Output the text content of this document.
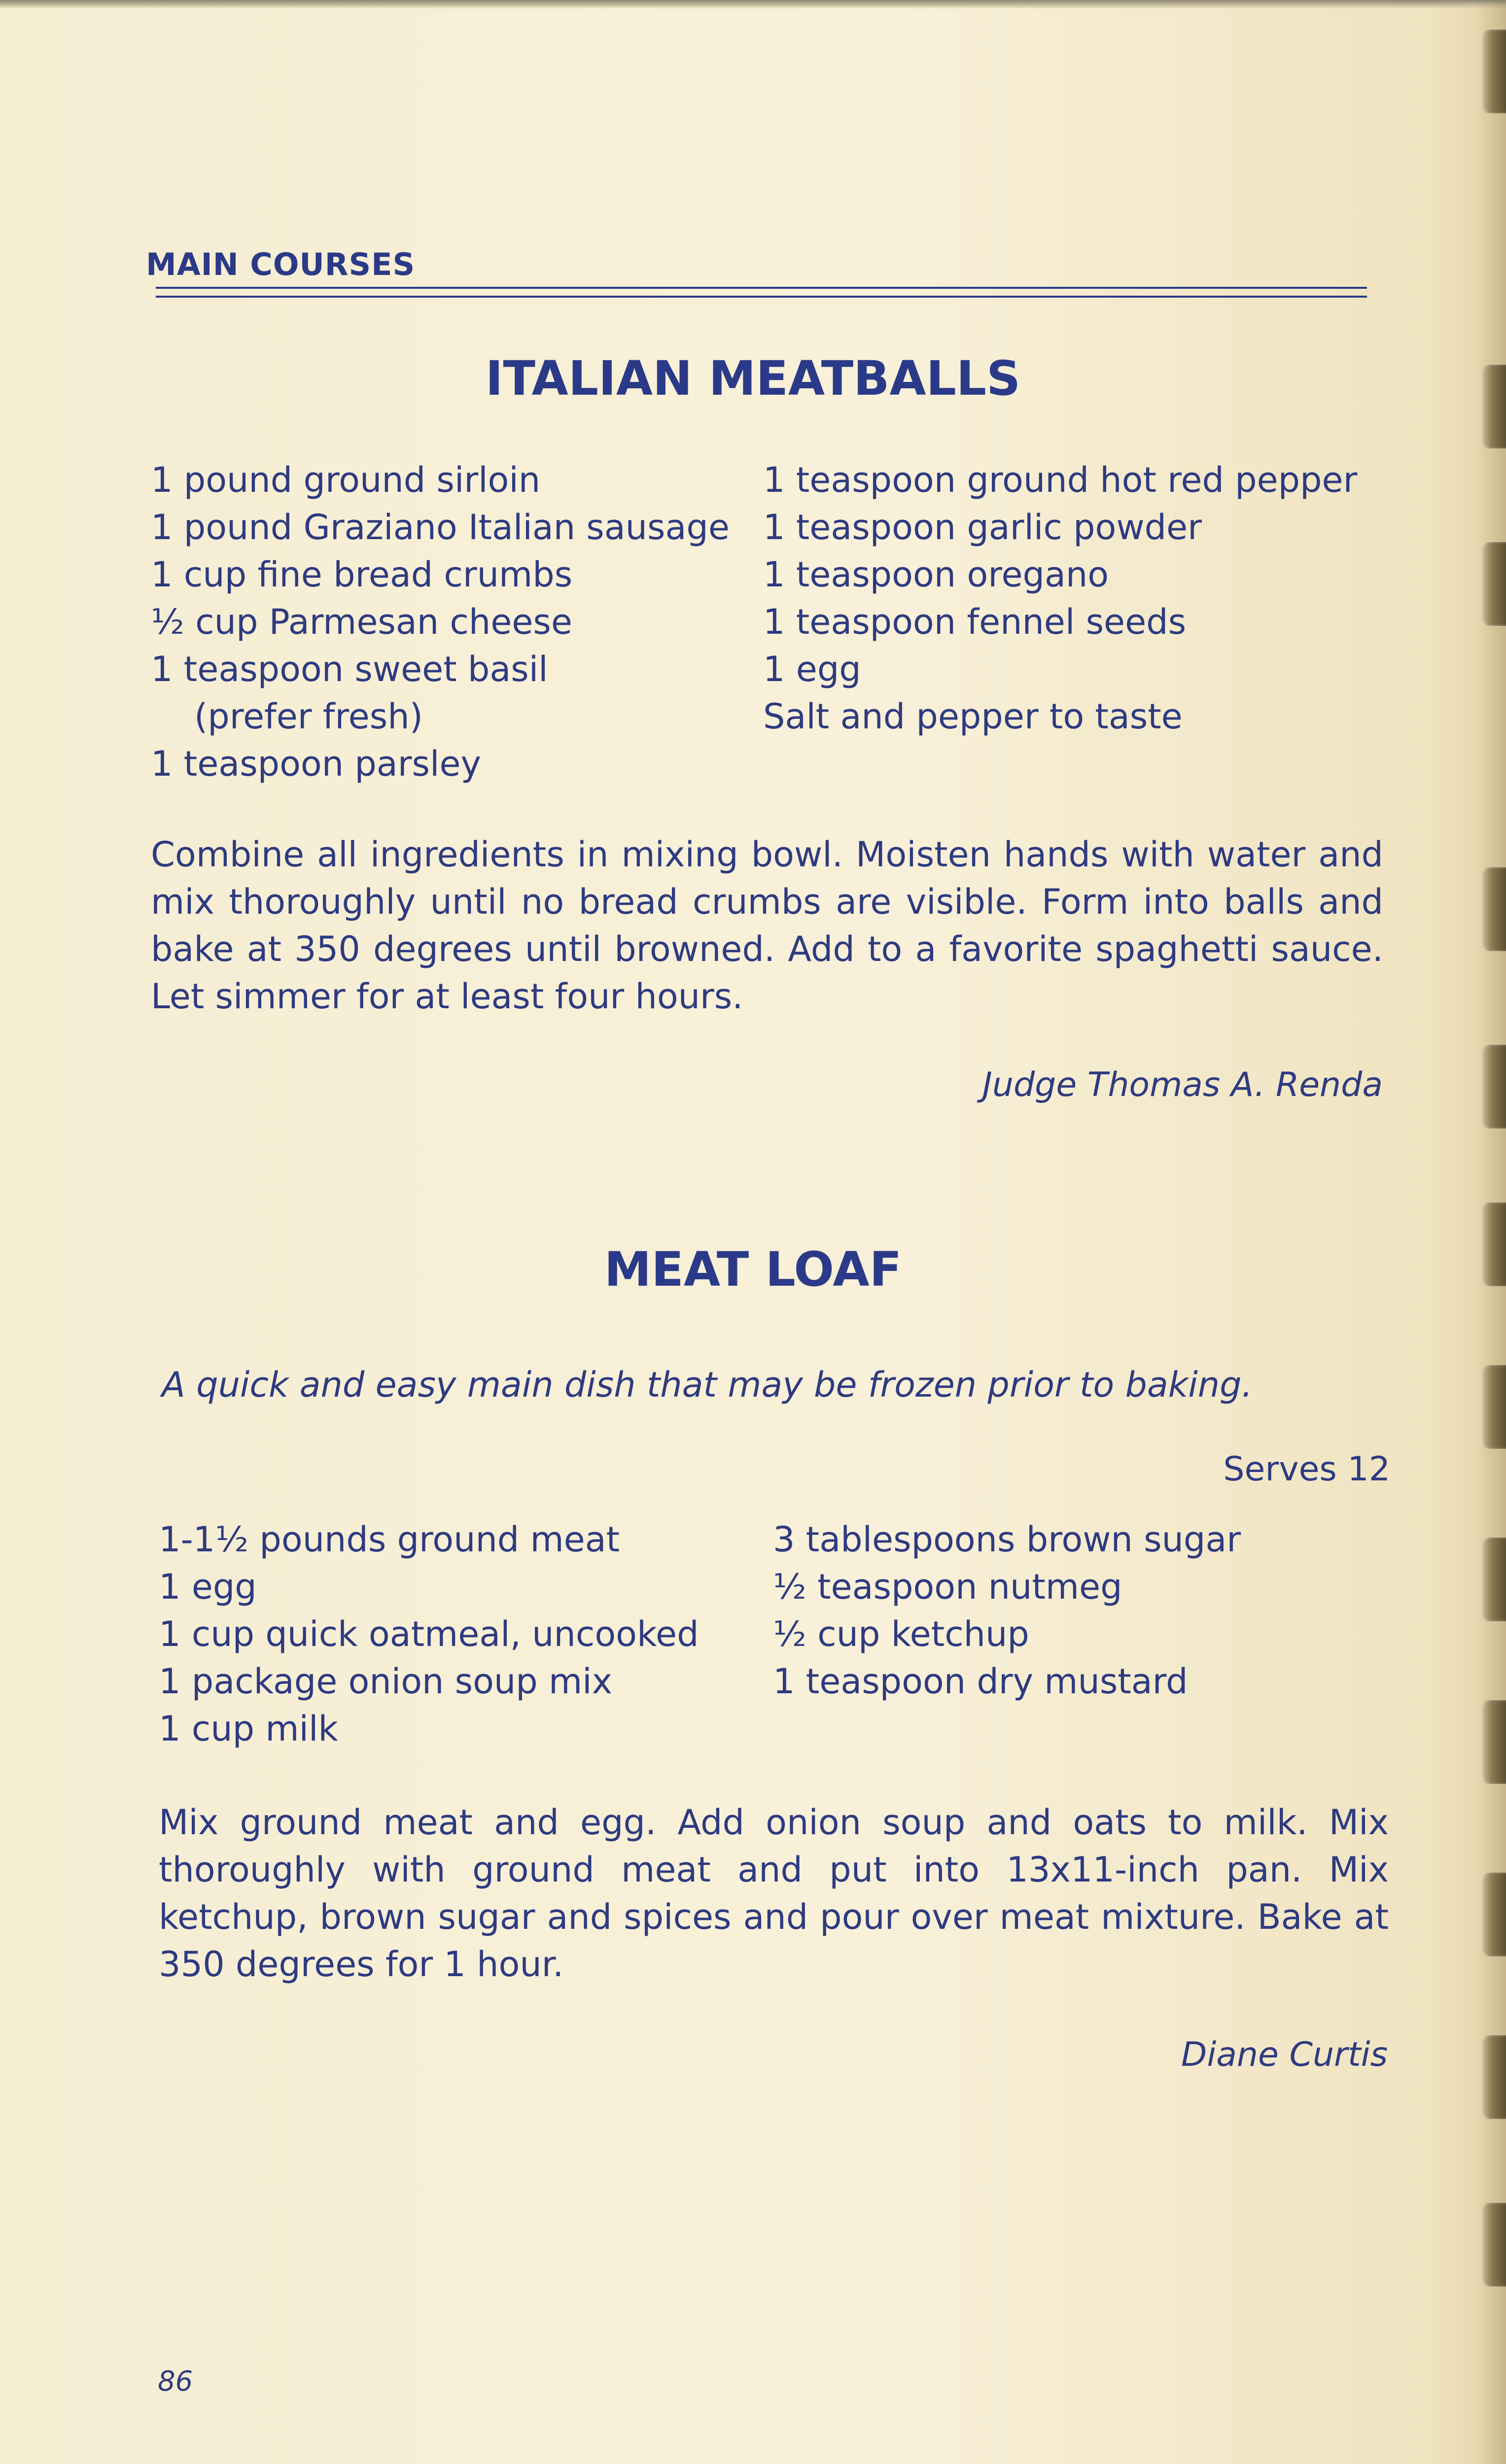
MAIN COURSES
ITALIAN MEATBALLS
1 pound ground sirloin
1 pound Graziano Italian sausage
1 cup fine bread crumbs
½ cup Parmesan cheese
1 teaspoon sweet basil
(prefer fresh)
1 teaspoon parsley
1 teaspoon ground hot red pepper
1 teaspoon garlic powder
1 teaspoon oregano
1 teaspoon fennel seeds
1 egg
Salt and pepper to taste

Combine all ingredients in mixing bowl. Moisten hands with water and mix thoroughly until no bread crumbs are visible. Form into balls and bake at 350 degrees until browned. Add to a favorite spaghetti sauce. Let simmer for at least four hours.

Judge Thomas A. Renda
MEAT LOAF
A quick and easy main dish that may be frozen prior to baking.
Serves 12
1-1½ pounds ground meat
1 egg
1 cup quick oatmeal, uncooked
1 package onion soup mix
1 cup milk
3 tablespoons brown sugar
½ teaspoon nutmeg
½ cup ketchup
1 teaspoon dry mustard

Mix ground meat and egg. Add onion soup and oats to milk. Mix thoroughly with ground meat and put into 13x11-inch pan. Mix ketchup, brown sugar and spices and pour over meat mixture. Bake at 350 degrees for 1 hour.

Diane Curtis
86
